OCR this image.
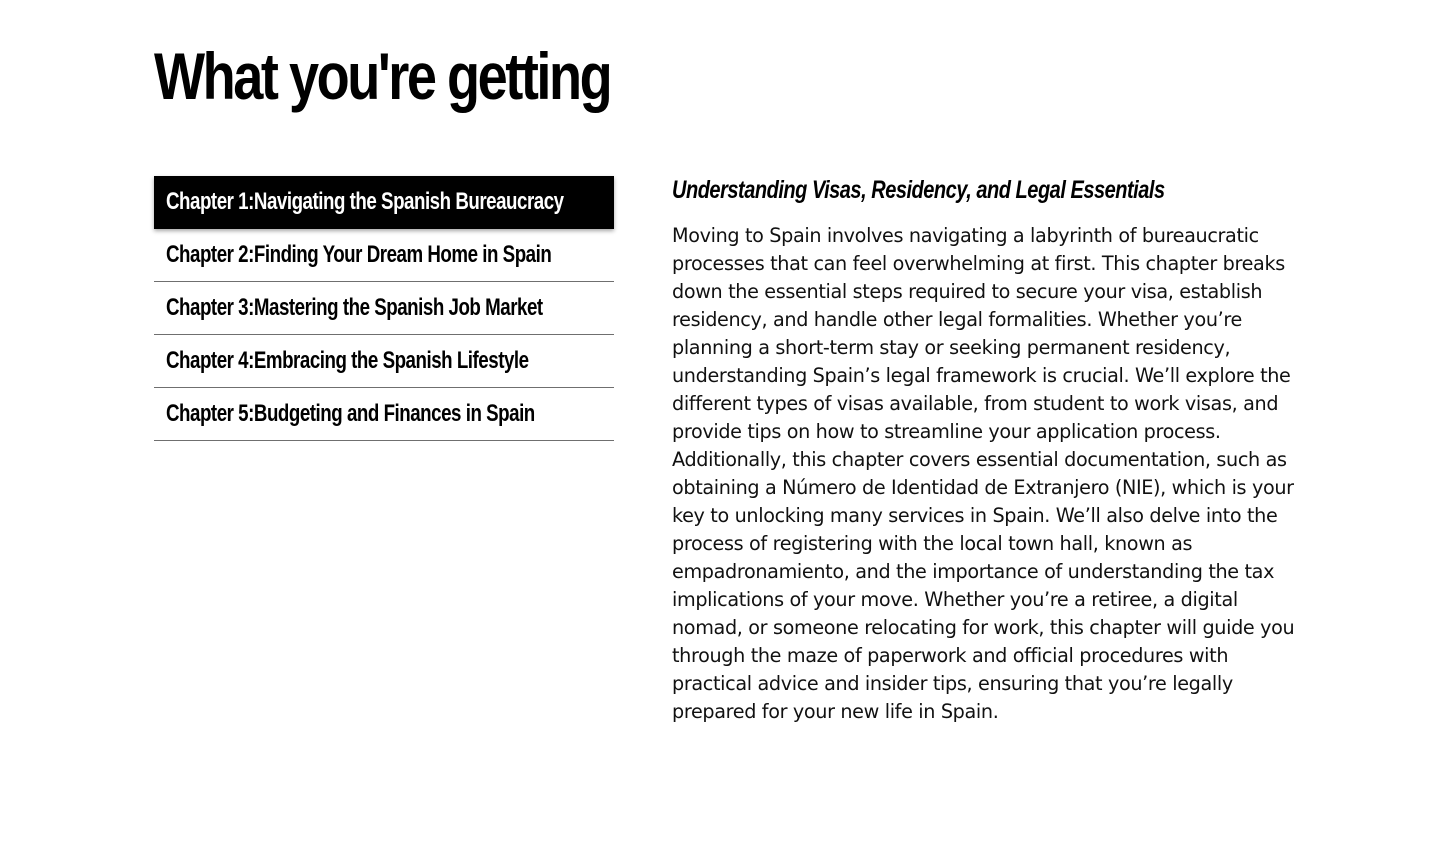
What you're getting
Chapter 1:Navigating the Spanish Bureaucracy
Chapter 2:Finding Your Dream Home in Spain
Chapter 3:Mastering the Spanish Job Market
Chapter 4:Embracing the Spanish Lifestyle
Chapter 5:Budgeting and Finances in Spain
Understanding Visas, Residency, and Legal Essentials

Moving to Spain involves navigating a labyrinth of bureaucratic processes that can feel overwhelming at first. This chapter breaks down the essential steps required to secure your visa, establish residency, and handle other legal formalities. Whether you’re planning a short-term stay or seeking permanent residency, understanding Spain’s legal framework is crucial. We’ll explore the different types of visas available, from student to work visas, and provide tips on how to streamline your application process. Additionally, this chapter covers essential documentation, such as obtaining a Número de Identidad de Extranjero (NIE), which is your key to unlocking many services in Spain. We’ll also delve into the process of registering with the local town hall, known as empadronamiento, and the importance of understanding the tax implications of your move. Whether you’re a retiree, a digital nomad, or someone relocating for work, this chapter will guide you through the maze of paperwork and official procedures with practical advice and insider tips, ensuring that you’re legally prepared for your new life in Spain.
